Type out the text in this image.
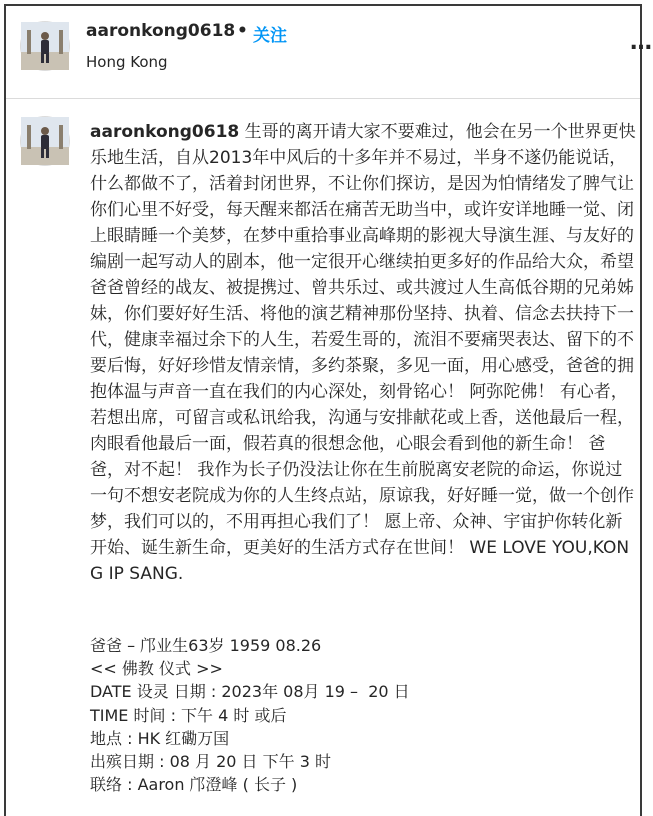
aaronkong0618 • 关注
Hong Kong
…
aaronkong0618 生哥的离开请大家不要难过，他会在另一个世界更快乐地生活，自从2013年中风后的十多年并不易过，半身不遂仍能说话，什么都做不了，活着封闭世界，不让你们探访，是因为怕情绪发了脾气让你们心里不好受，每天醒来都活在痛苦无助当中，或许安详地睡一觉、闭上眼睛睡一个美梦，在梦中重拾事业高峰期的影视大导演生涯、与友好的编剧一起写动人的剧本，他一定很开心继续拍更多好的作品给大众，希望爸爸曾经的战友、被提携过、曾共乐过、或共渡过人生高低谷期的兄弟姊妹，你们要好好生活、将他的演艺精神那份坚持、执着、信念去扶持下一代，健康幸福过余下的人生，若爱生哥的，流泪不要痛哭表达、留下的不要后悔，好好珍惜友情亲情，多约茶聚，多见一面，用心感受，爸爸的拥抱体温与声音一直在我们的内心深处，刻骨铭心！ 阿弥陀佛！ 有心者，若想出席，可留言或私讯给我，沟通与安排献花或上香，送他最后一程，肉眼看他最后一面，假若真的很想念他，心眼会看到他的新生命！ 爸爸，对不起！ 我作为长子仍没法让你在生前脱离安老院的命运，你说过一句不想安老院成为你的人生终点站，原谅我，好好睡一觉，做一个创作梦，我们可以的，不用再担心我们了！ 愿上帝、众神、宇宙护你转化新开始、诞生新生命，更美好的生活方式存在世间！ WE LOVE YOU,KONG IP SANG.
爸爸 – 邝业生63岁 1959 08.26
<< 佛教 仪式 >>
DATE 设灵 日期 : 2023年 08月 19 –  20 日
TIME 时间 : 下午 4 时 或后
地点 : HK 红磡万国
出殡日期 : 08 月 20 日 下午 3 时
联络 : Aaron 邝澄峰 ( 长子 )
